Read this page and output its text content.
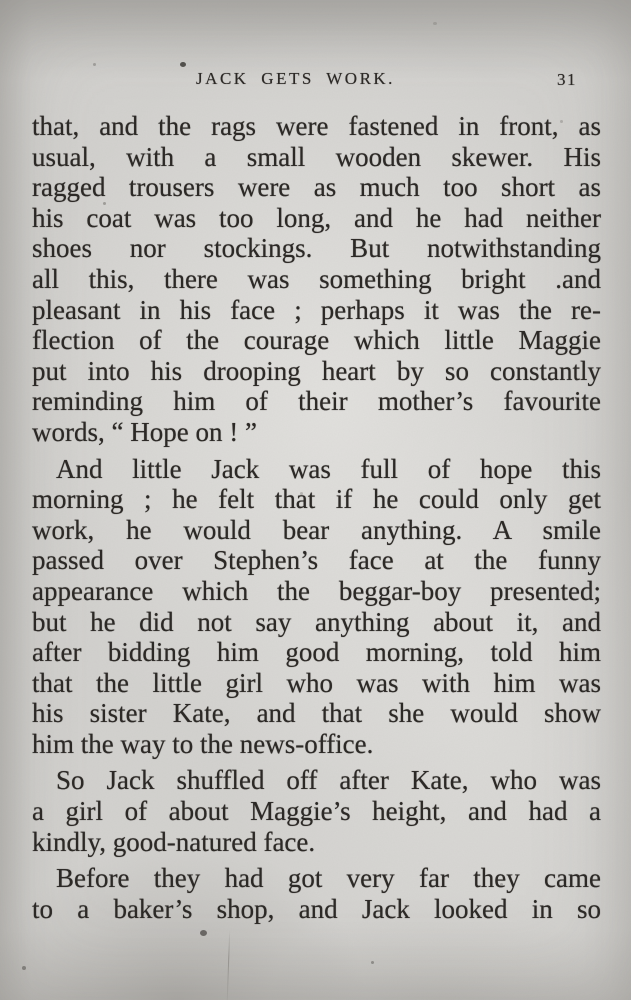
JACK GETS WORK.	31
that, and the rags were fastened in front, as
usual, with a small wooden skewer. His
ragged trousers were as much too short as
his coat was too long, and he had neither
shoes nor stockings. But notwithstanding
all this, there was something bright .and
pleasant in his face ; perhaps it was the re-
flection of the courage which little Maggie
put into his drooping heart by so constantly
reminding him of their mother’s favourite
words, “ Hope on ! ”
And little Jack was full of hope this
morning ; he felt that if he could only get
work, he would bear anything. A smile
passed over Stephen’s face at the funny
appearance which the beggar-boy presented;
but he did not say anything about it, and
after bidding him good morning, told him
that the little girl who was with him was
his sister Kate, and that she would show
him the way to the news-office.
So Jack shuffled off after Kate, who was
a girl of about Maggie’s height, and had a
kindly, good-natured face.
Before they had got very far they came
to a baker’s shop, and Jack looked in so
